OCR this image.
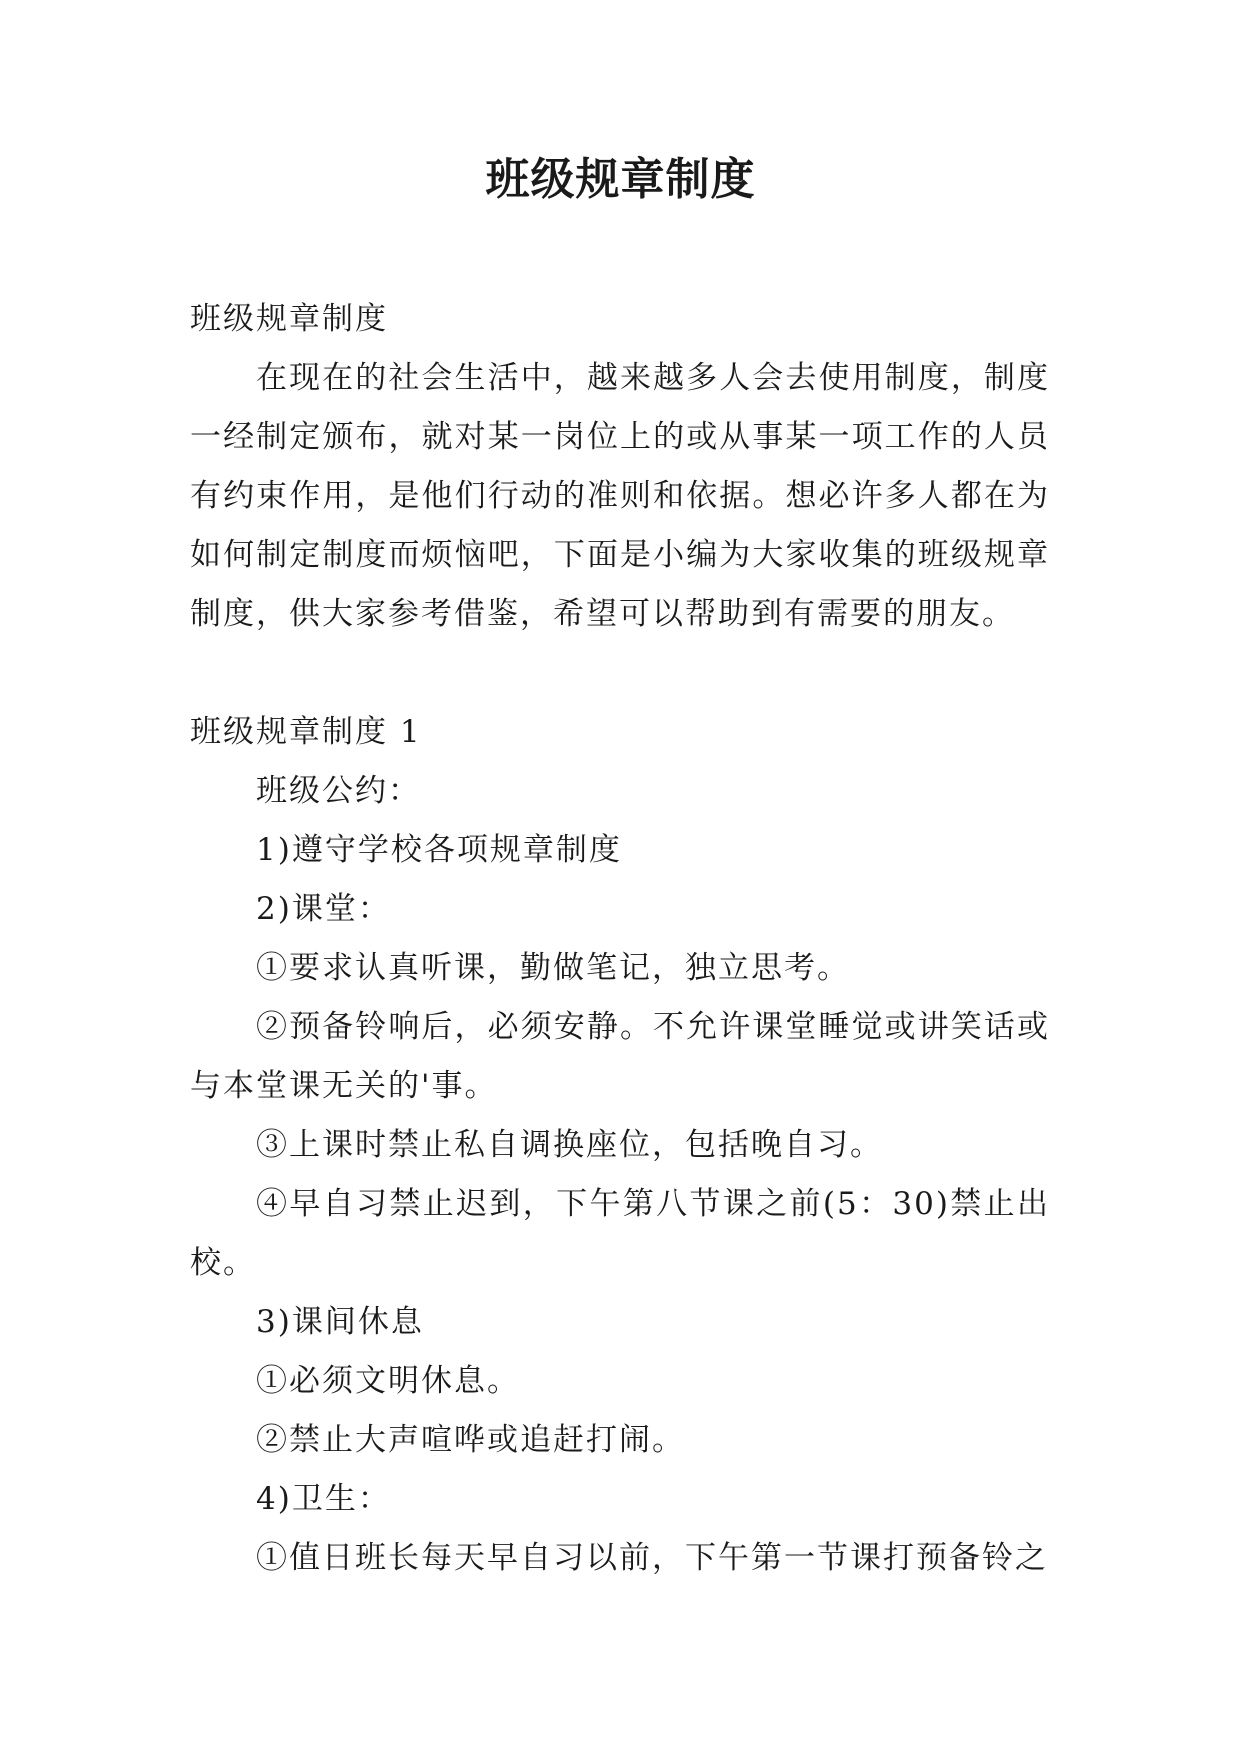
班级规章制度

班级规章制度

在现在的社会生活中，越来越多人会去使用制度，制度一经制定颁布，就对某一岗位上的或从事某一项工作的人员有约束作用，是他们行动的准则和依据。想必许多人都在为如何制定制度而烦恼吧，下面是小编为大家收集的班级规章制度，供大家参考借鉴，希望可以帮助到有需要的朋友。

班级规章制度 1

班级公约：

1)遵守学校各项规章制度

2)课堂：

①要求认真听课，勤做笔记，独立思考。

②预备铃响后，必须安静。不允许课堂睡觉或讲笑话或与本堂课无关的'事。

③上课时禁止私自调换座位，包括晚自习。

④早自习禁止迟到，下午第八节课之前(5：30)禁止出校。

3)课间休息

①必须文明休息。

②禁止大声喧哗或追赶打闹。

4)卫生：

①值日班长每天早自习以前，下午第一节课打预备铃之
